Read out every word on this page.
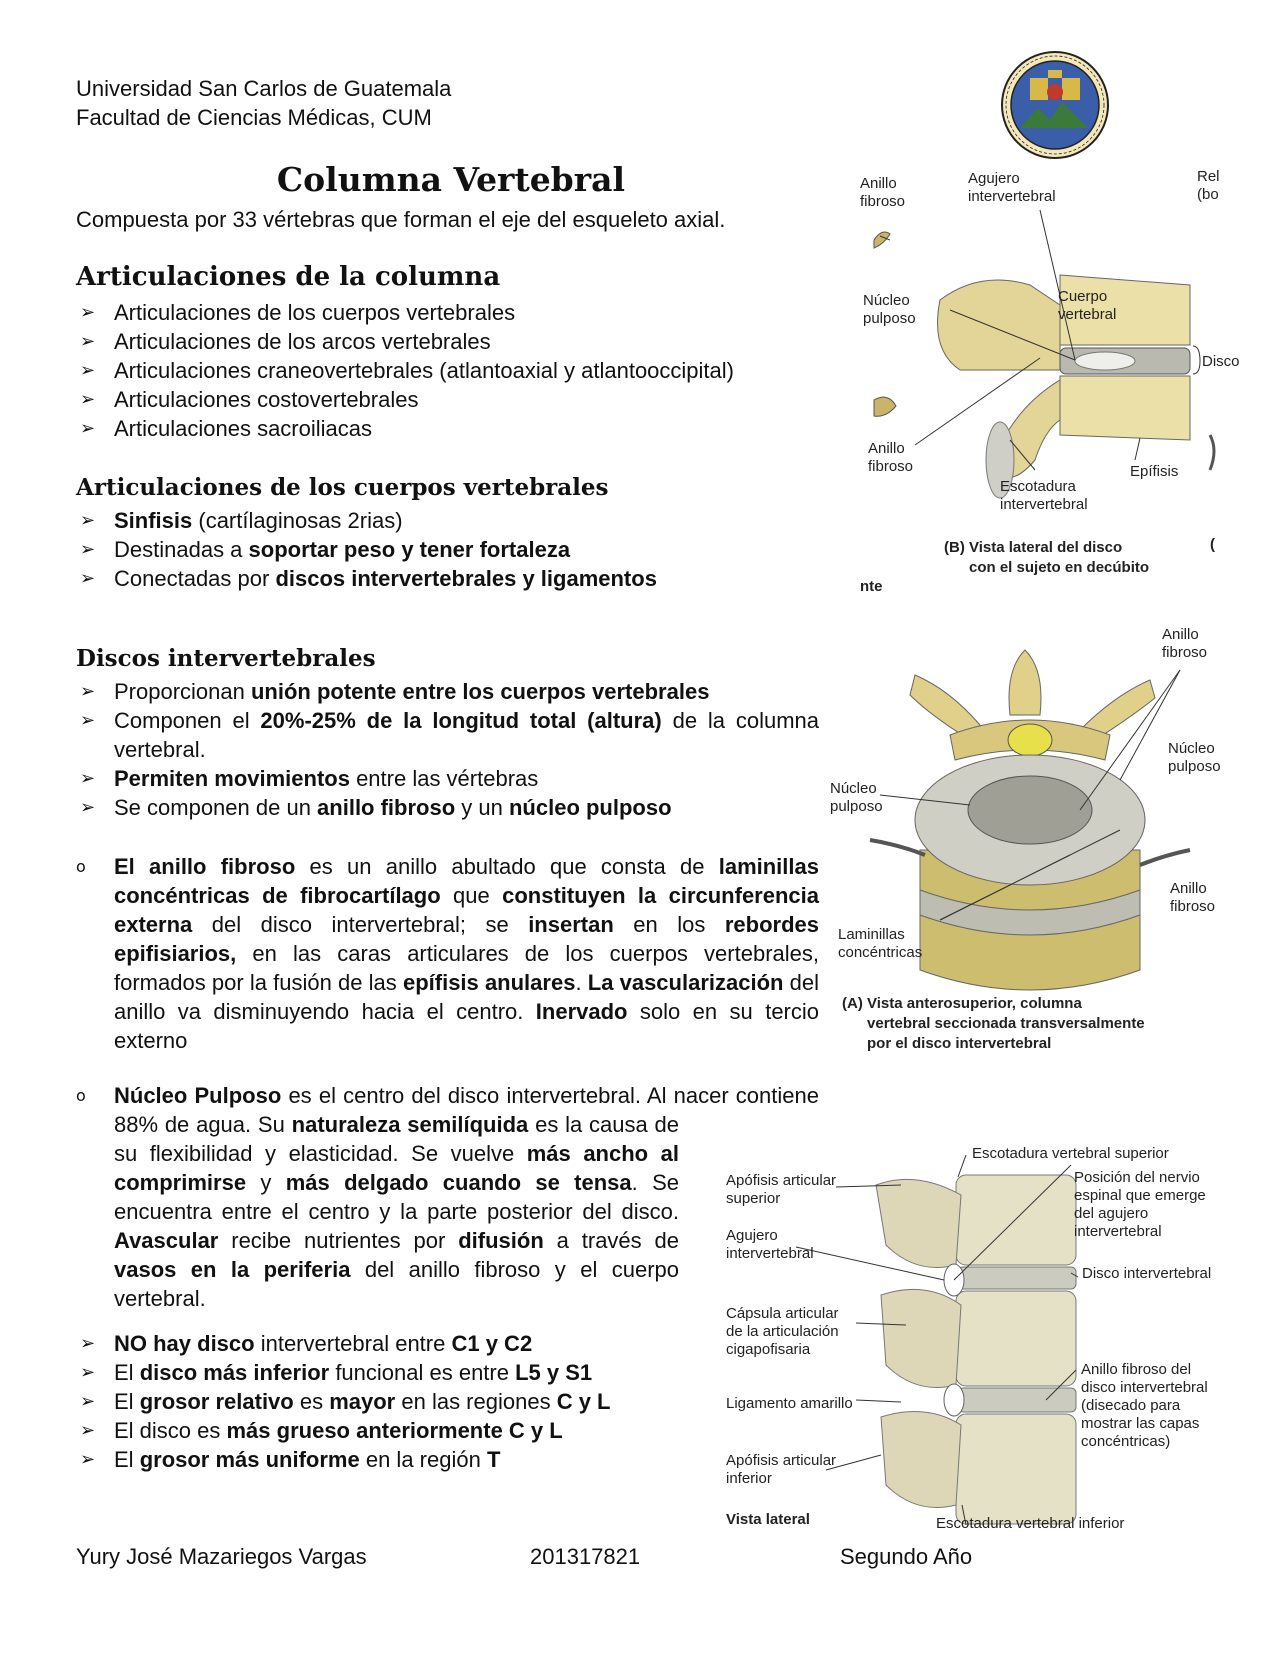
Universidad San Carlos de Guatemala
Facultad de Ciencias Médicas, CUM
Columna Vertebral
Compuesta por 33 vértebras que forman el eje del esqueleto axial.
Articulaciones de la columna
➢ Articulaciones de los cuerpos vertebrales
➢ Articulaciones de los arcos vertebrales
➢ Articulaciones craneovertebrales (atlantoaxial y atlantooccipital)
➢ Articulaciones costovertebrales
➢ Articulaciones sacroiliacas
Articulaciones de los cuerpos vertebrales
➢ Sinfisis (cartílaginosas 2rias)
➢ Destinadas a soportar peso y tener fortaleza
➢ Conectadas por discos intervertebrales y ligamentos
Discos intervertebrales
➢ Proporcionan unión potente entre los cuerpos vertebrales
➢ Componen el 20%-25% de la longitud total (altura) de la columna vertebral.
➢ Permiten movimientos entre las vértebras
➢ Se componen de un anillo fibroso y un núcleo pulposo
o El anillo fibroso es un anillo abultado que consta de laminillas concéntricas de fibrocartílago que constituyen la circunferencia externa del disco intervertebral; se insertan en los rebordes epifisiarios, en las caras articulares de los cuerpos vertebrales, formados por la fusión de las epífisis anulares. La vascularización del anillo va disminuyendo hacia el centro. Inervado solo en su tercio externo
o Núcleo Pulposo es el centro del disco intervertebral. Al nacer contiene 88% de agua. Su naturaleza semilíquida es la causa de su flexibilidad y elasticidad. Se vuelve más ancho al comprimirse y más delgado cuando se tensa. Se encuentra entre el centro y la parte posterior del disco. Avascular recibe nutrientes por difusión a través de vasos en la periferia del anillo fibroso y el cuerpo vertebral.
➢ NO hay disco intervertebral entre C1 y C2
➢ El disco más inferior funcional es entre L5 y S1
➢ El grosor relativo es mayor en las regiones C y L
➢ El disco es más grueso anteriormente C y L
➢ El grosor más uniforme en la región T
Anillo
fibroso
Agujero
intervertebral
Rel
(bo
Núcleo
pulposo
Cuerpo
vertebral
Disco
Anillo
fibroso
Escotadura
intervertebral
Epífisis
(B) Vista lateral del disco
con el sujeto en decúbito
nte
(
Anillo
fibroso
Núcleo
pulposo
Núcleo
pulposo
Anillo
fibroso
Laminillas
concéntricas
(A) Vista anterosuperior, columna
vertebral seccionada transversalmente
por el disco intervertebral
Escotadura vertebral superior
Apófisis articular
superior
Posición del nervio
espinal que emerge
del agujero
intervertebral
Agujero
intervertebral
Disco intervertebral
Cápsula articular
de la articulación
cigapofisaria
Anillo fibroso del
disco intervertebral
(disecado para
mostrar las capas
concéntricas)
Ligamento amarillo
Apófisis articular
inferior
Vista lateral	Escotadura vertebral inferior
Yury José Mazariegos Vargas	201317821	Segundo Año
